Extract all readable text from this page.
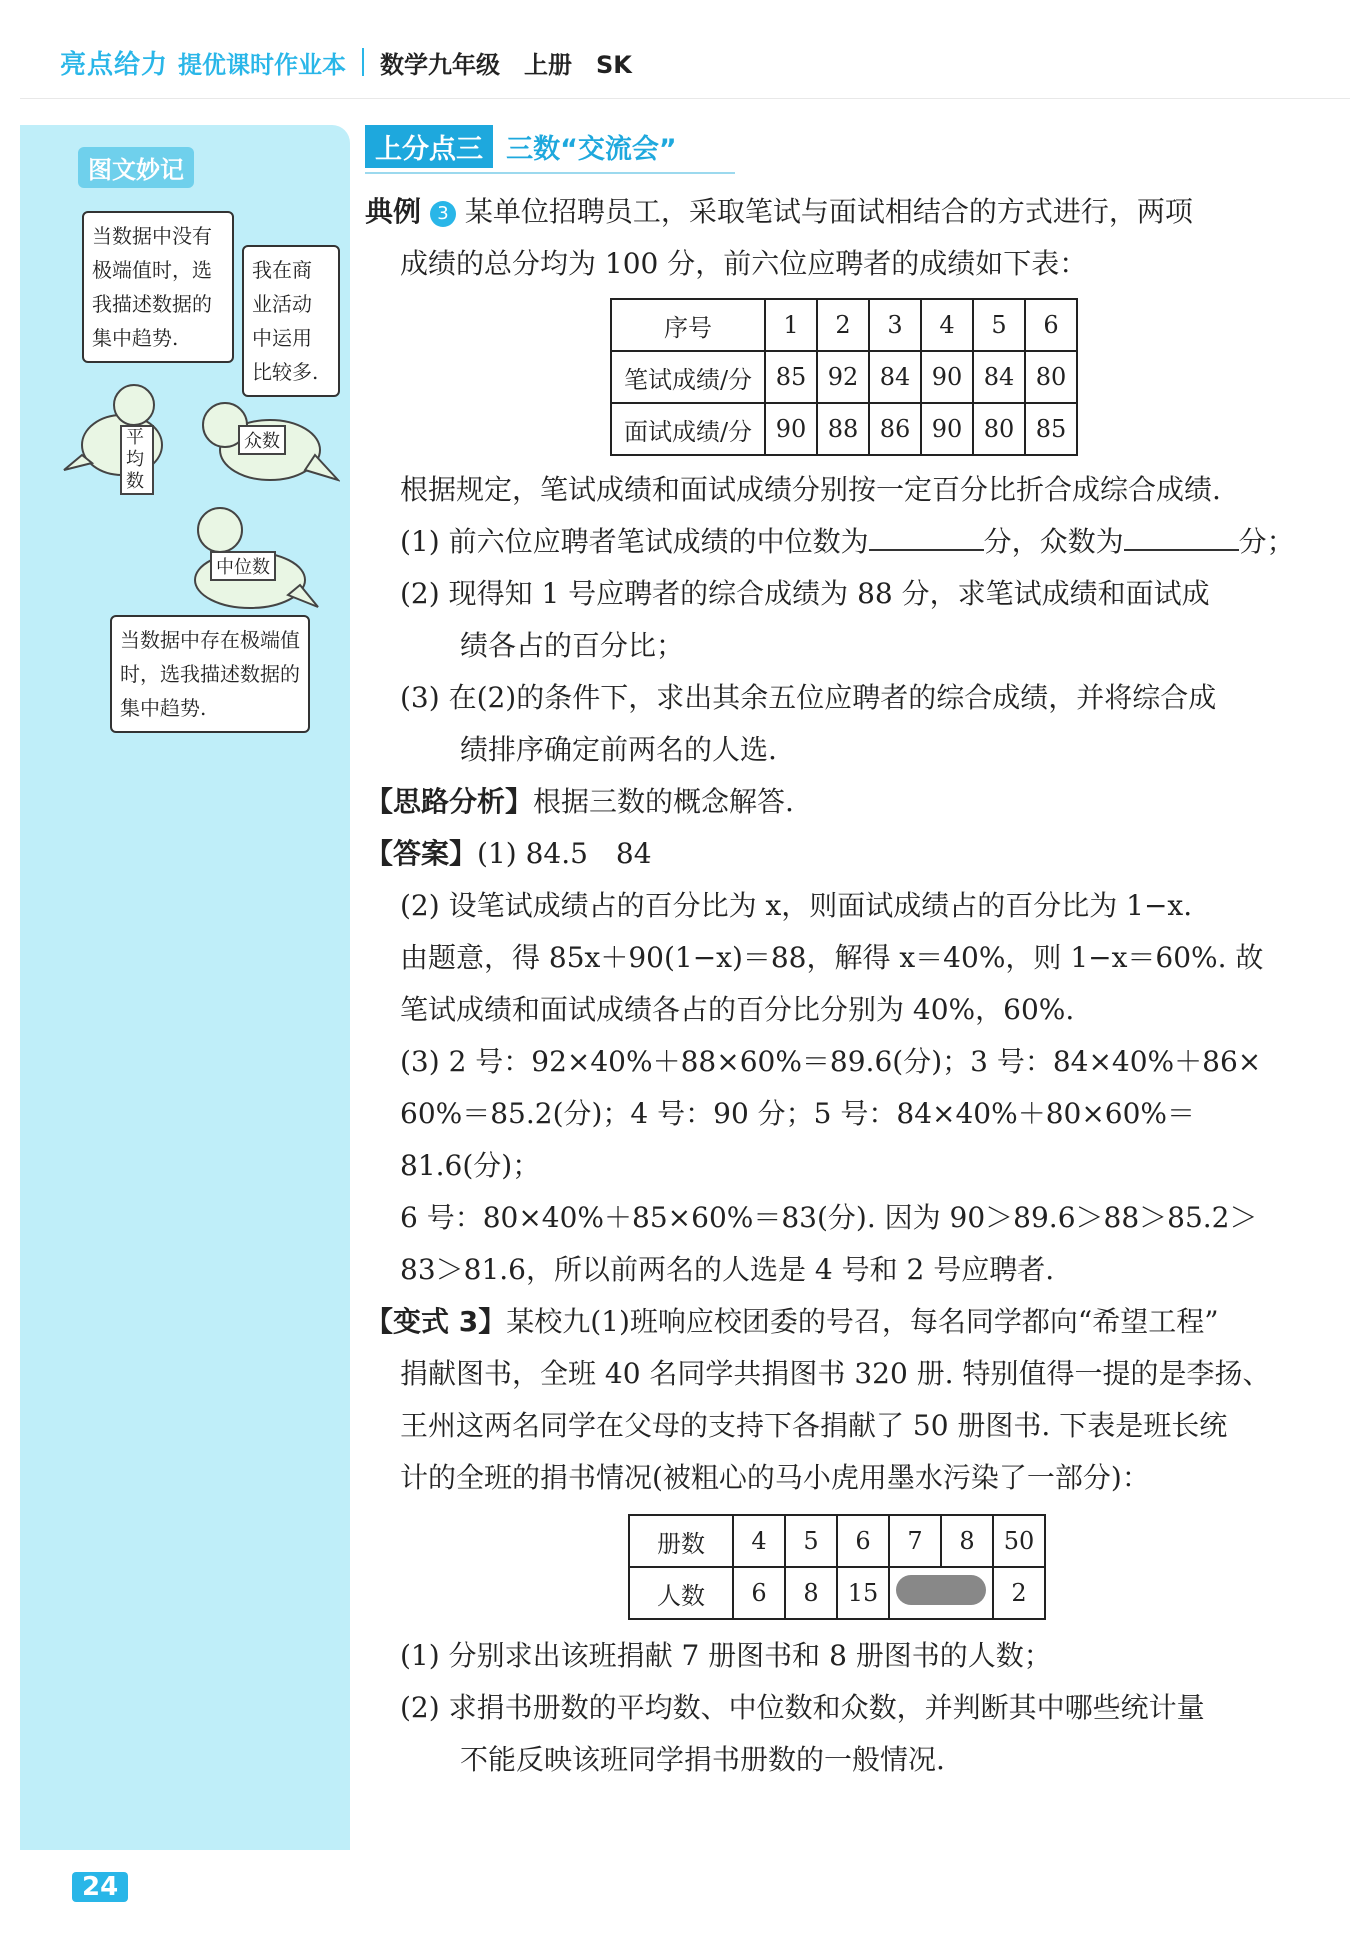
亮点给力 提优课时作业本 数学九年级　上册　SK
图文妙记
当数据中没有极端值时，选我描述数据的集中趋势.
我在商业活动中运用比较多.
平均数
众数
中位数
当数据中存在极端值时，选我描述数据的集中趋势.
上分点三 三数“交流会”

典例 3 某单位招聘员工，采取笔试与面试相结合的方式进行，两项

成绩的总分均为 100 分，前六位应聘者的成绩如下表：

序号	1	2	3	4	5	6
笔试成绩/分	85	92	84	90	84	80
面试成绩/分	90	88	86	90	80	85

根据规定，笔试成绩和面试成绩分别按一定百分比折合成综合成绩.

(1) 前六位应聘者笔试成绩的中位数为	分，众数为	分；

(2) 现得知 1 号应聘者的综合成绩为 88 分，求笔试成绩和面试成

绩各占的百分比；

(3) 在(2)的条件下，求出其余五位应聘者的综合成绩，并将综合成

绩排序确定前两名的人选.

【思路分析】根据三数的概念解答.

【答案】(1) 84.5　84

(2) 设笔试成绩占的百分比为 x，则面试成绩占的百分比为 1−x.

由题意，得 85x＋90(1−x)＝88，解得 x＝40%，则 1−x＝60%. 故

笔试成绩和面试成绩各占的百分比分别为 40%，60%.

(3) 2 号：92×40%＋88×60%＝89.6(分)；3 号：84×40%＋86×

60%＝85.2(分)；4 号：90 分；5 号：84×40%＋80×60%＝81.6(分)；

6 号：80×40%＋85×60%＝83(分). 因为 90＞89.6＞88＞85.2＞

83＞81.6，所以前两名的人选是 4 号和 2 号应聘者.

【变式 3】某校九(1)班响应校团委的号召，每名同学都向“希望工程”

捐献图书，全班 40 名同学共捐图书 320 册. 特别值得一提的是李扬、

王州这两名同学在父母的支持下各捐献了 50 册图书. 下表是班长统

计的全班的捐书情况(被粗心的马小虎用墨水污染了一部分)：

册数	4	5	6	7	8	50
人数	6	8	15			2

(1) 分别求出该班捐献 7 册图书和 8 册图书的人数；

(2) 求捐书册数的平均数、中位数和众数，并判断其中哪些统计量

不能反映该班同学捐书册数的一般情况.

24
